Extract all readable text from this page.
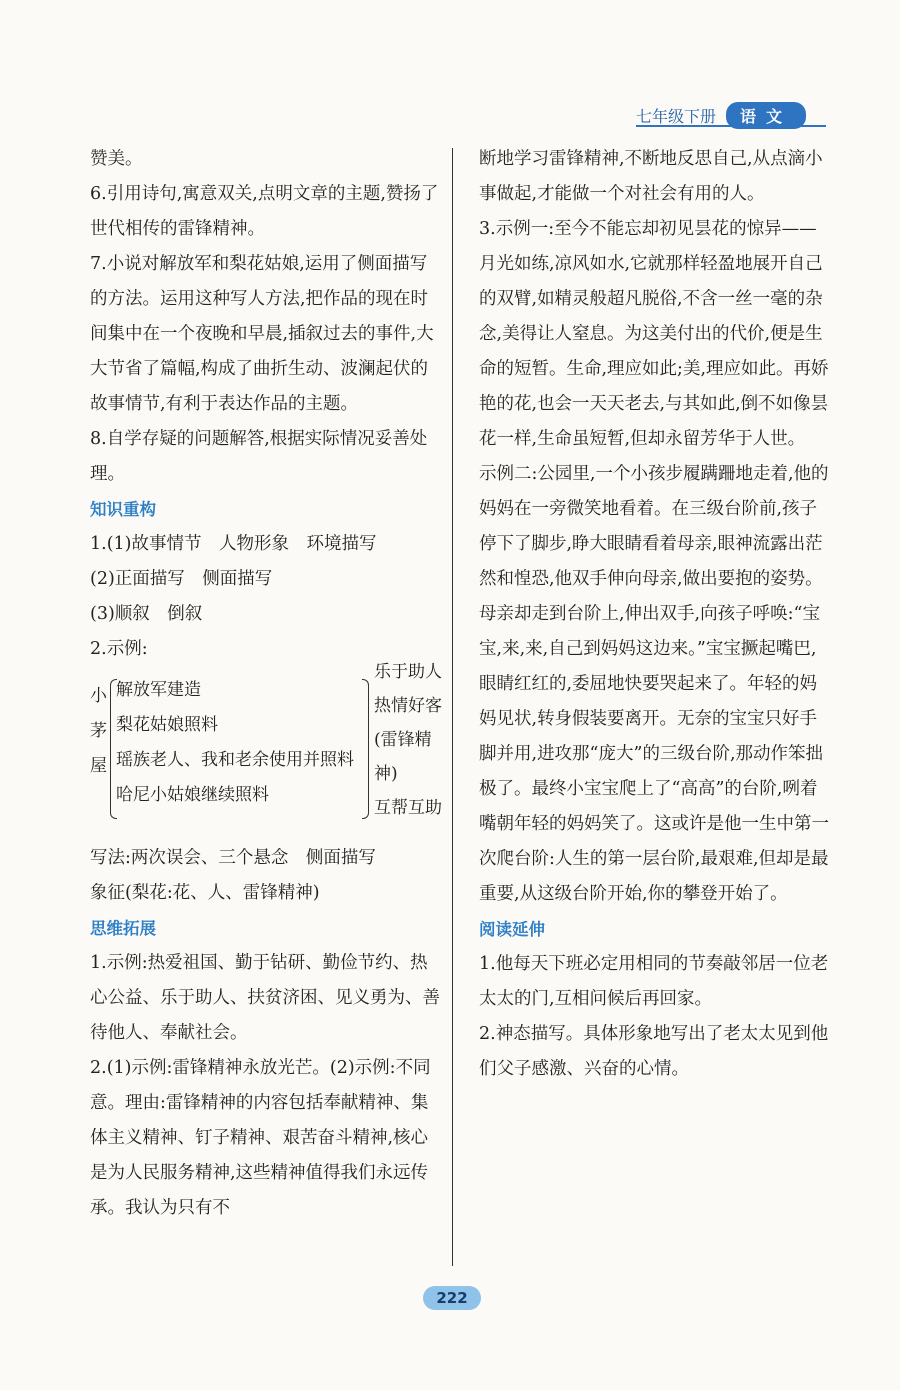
七年级下册	语文

赞美。

6.引用诗句,寓意双关,点明文章的主题,赞扬了世代相传的雷锋精神。

7.小说对解放军和梨花姑娘,运用了侧面描写的方法。运用这种写人方法,把作品的现在时间集中在一个夜晚和早晨,插叙过去的事件,大大节省了篇幅,构成了曲折生动、波澜起伏的故事情节,有利于表达作品的主题。

8.自学存疑的问题解答,根据实际情况妥善处理。

知识重构

1.(1)故事情节　人物形象　环境描写

(2)正面描写　侧面描写

(3)顺叙　倒叙

2.示例:

小
茅
屋
解放军建造
梨花姑娘照料
瑶族老人、我和老余使用并照料
哈尼小姑娘继续照料
乐于助人
热情好客
(雷锋精
神)
互帮互助

写法:两次误会、三个悬念　侧面描写

象征(梨花:花、人、雷锋精神)

思维拓展

1.示例:热爱祖国、勤于钻研、勤俭节约、热心公益、乐于助人、扶贫济困、见义勇为、善待他人、奉献社会。

2.(1)示例:雷锋精神永放光芒。(2)示例:不同意。理由:雷锋精神的内容包括奉献精神、集体主义精神、钉子精神、艰苦奋斗精神,核心是为人民服务精神,这些精神值得我们永远传承。我认为只有不

断地学习雷锋精神,不断地反思自己,从点滴小事做起,才能做一个对社会有用的人。

3.示例一:至今不能忘却初见昙花的惊异——月光如练,凉风如水,它就那样轻盈地展开自己的双臂,如精灵般超凡脱俗,不含一丝一毫的杂念,美得让人窒息。为这美付出的代价,便是生命的短暂。生命,理应如此;美,理应如此。再娇艳的花,也会一天天老去,与其如此,倒不如像昙花一样,生命虽短暂,但却永留芳华于人世。

示例二:公园里,一个小孩步履蹒跚地走着,他的妈妈在一旁微笑地看着。在三级台阶前,孩子停下了脚步,睁大眼睛看着母亲,眼神流露出茫然和惶恐,他双手伸向母亲,做出要抱的姿势。母亲却走到台阶上,伸出双手,向孩子呼唤:“宝宝,来,来,自己到妈妈这边来。”宝宝撅起嘴巴,眼睛红红的,委屈地快要哭起来了。年轻的妈妈见状,转身假装要离开。无奈的宝宝只好手脚并用,进攻那“庞大”的三级台阶,那动作笨拙极了。最终小宝宝爬上了“高高”的台阶,咧着嘴朝年轻的妈妈笑了。这或许是他一生中第一次爬台阶:人生的第一层台阶,最艰难,但却是最重要,从这级台阶开始,你的攀登开始了。

阅读延伸

1.他每天下班必定用相同的节奏敲邻居一位老太太的门,互相问候后再回家。

2.神态描写。具体形象地写出了老太太见到他们父子感激、兴奋的心情。

222
